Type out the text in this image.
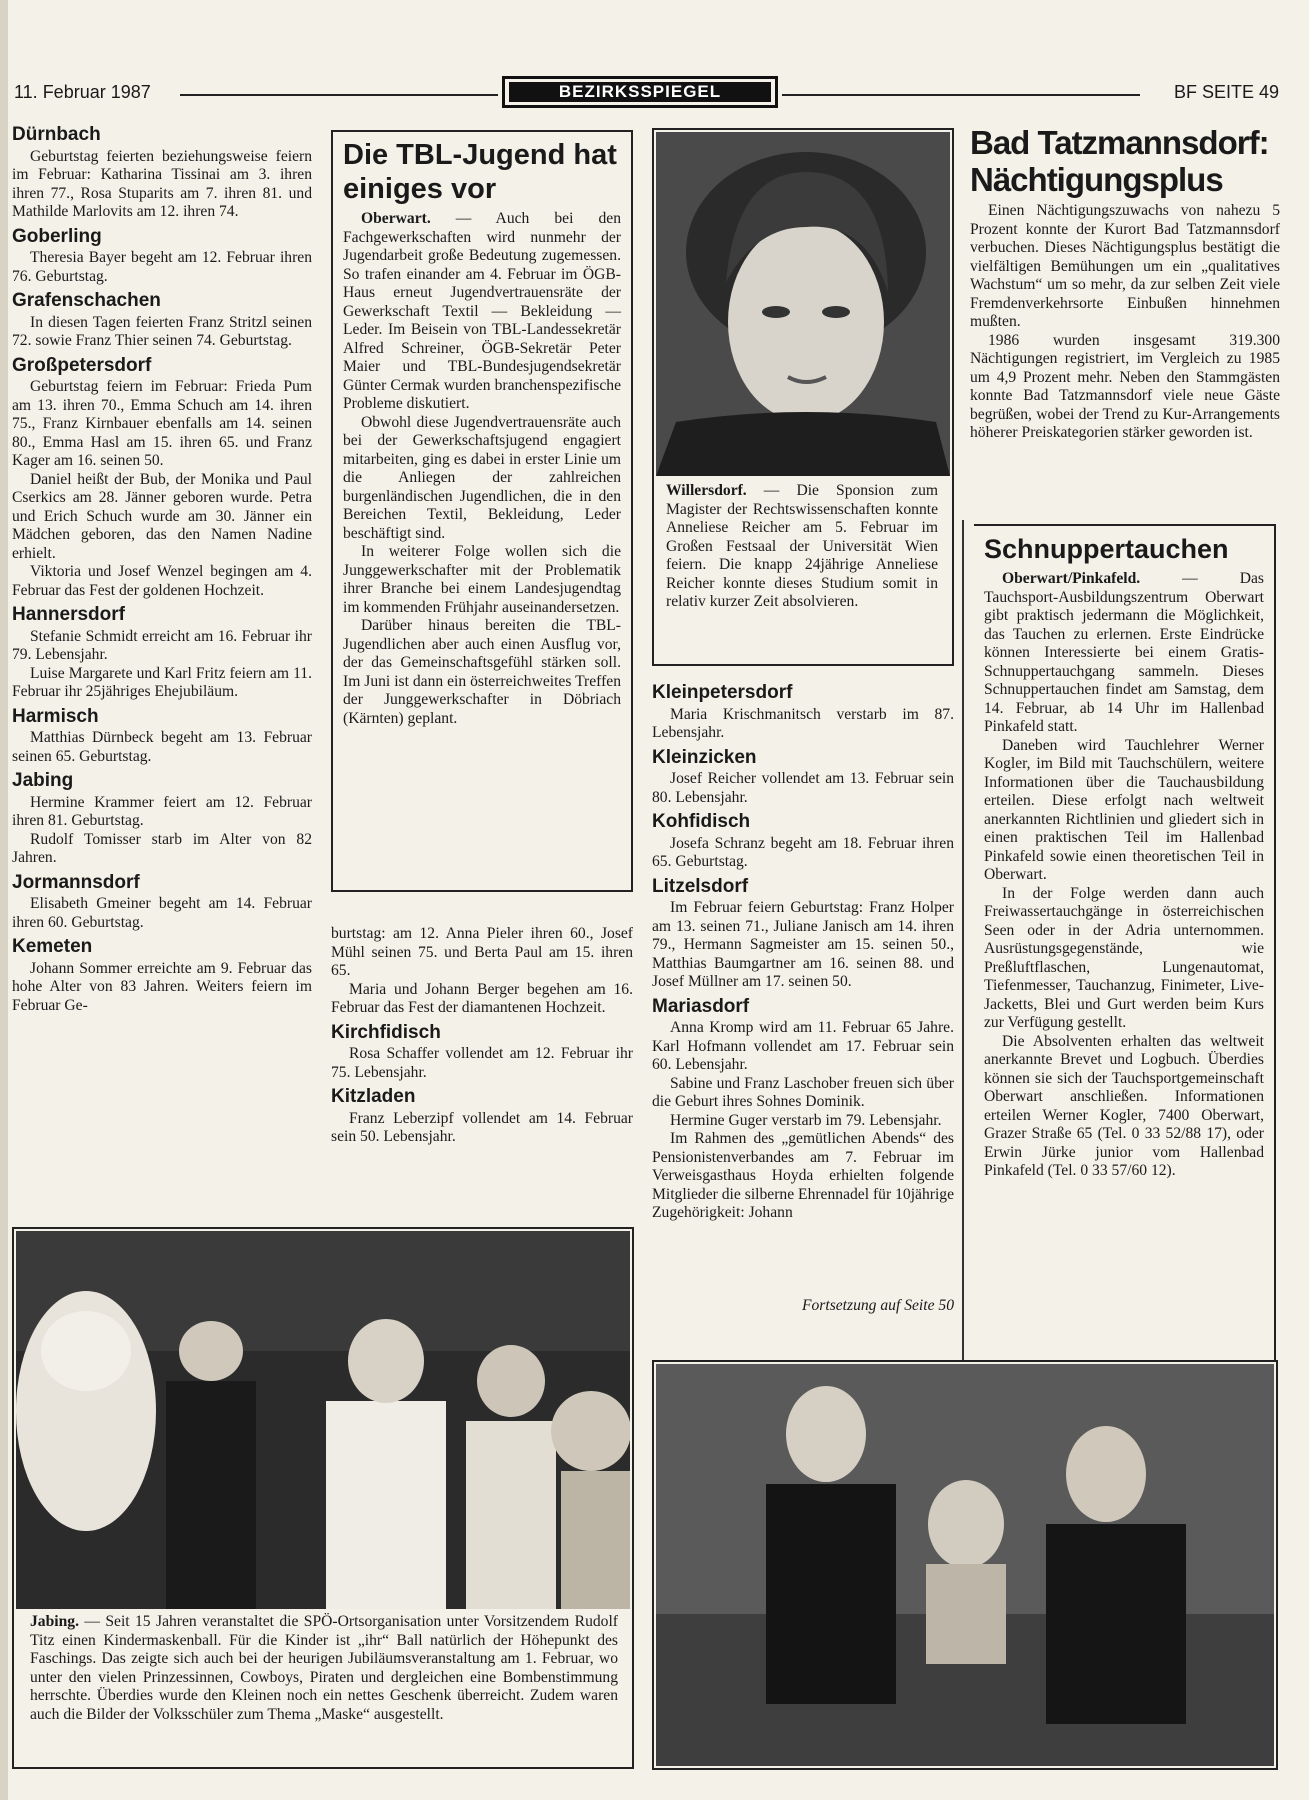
11. Februar 1987	BEZIRKSSPIEGEL	BF SEITE 49
Dürnbach

Geburtstag feierten beziehungsweise feiern im Februar: Katharina Tissinai am 3. ihren ihren 77., Rosa Stuparits am 7. ihren 81. und Mathilde Marlovits am 12. ihren 74.

Goberling

Theresia Bayer begeht am 12. Februar ihren 76. Geburtstag.

Grafenschachen

In diesen Tagen feierten Franz Stritzl seinen 72. sowie Franz Thier seinen 74. Geburtstag.

Großpetersdorf

Geburtstag feiern im Februar: Frieda Pum am 13. ihren 70., Emma Schuch am 14. ihren 75., Franz Kirnbauer ebenfalls am 14. seinen 80., Emma Hasl am 15. ihren 65. und Franz Kager am 16. seinen 50.

Daniel heißt der Bub, der Monika und Paul Cserkics am 28. Jänner geboren wurde. Petra und Erich Schuch wurde am 30. Jänner ein Mädchen geboren, das den Namen Nadine erhielt.

Viktoria und Josef Wenzel begingen am 4. Februar das Fest der goldenen Hochzeit.

Hannersdorf

Stefanie Schmidt erreicht am 16. Februar ihr 79. Lebensjahr.

Luise Margarete und Karl Fritz feiern am 11. Februar ihr 25jähriges Ehejubiläum.

Harmisch

Matthias Dürnbeck begeht am 13. Februar seinen 65. Geburtstag.

Jabing

Hermine Krammer feiert am 12. Februar ihren 81. Geburtstag.

Rudolf Tomisser starb im Alter von 82 Jahren.

Jormannsdorf

Elisabeth Gmeiner begeht am 14. Februar ihren 60. Geburtstag.

Kemeten

Johann Sommer erreichte am 9. Februar das hohe Alter von 83 Jahren. Weiters feiern im Februar Ge-

Die TBL-Jugend hat einiges vor

Oberwart. — Auch bei den Fachgewerkschaften wird nunmehr der Jugendarbeit große Bedeutung zugemessen. So trafen einander am 4. Februar im ÖGB-Haus erneut Jugendvertrauensräte der Gewerkschaft Textil — Bekleidung — Leder. Im Beisein von TBL-Landessekretär Alfred Schreiner, ÖGB-Sekretär Peter Maier und TBL-Bundesjugendsekretär Günter Cermak wurden branchenspezifische Probleme diskutiert.

Obwohl diese Jugendvertrauensräte auch bei der Gewerkschaftsjugend engagiert mitarbeiten, ging es dabei in erster Linie um die Anliegen der zahlreichen burgenländischen Jugendlichen, die in den Bereichen Textil, Bekleidung, Leder beschäftigt sind.

In weiterer Folge wollen sich die Junggewerkschafter mit der Problematik ihrer Branche bei einem Landesjugendtag im kommenden Frühjahr auseinandersetzen.

Darüber hinaus bereiten die TBL-Jugendlichen aber auch einen Ausflug vor, der das Gemeinschaftsgefühl stärken soll. Im Juni ist dann ein österreichweites Treffen der Junggewerkschafter in Döbriach (Kärnten) geplant.

burtstag: am 12. Anna Pieler ihren 60., Josef Mühl seinen 75. und Berta Paul am 15. ihren 65.

Maria und Johann Berger begehen am 16. Februar das Fest der diamantenen Hochzeit.

Kirchfidisch

Rosa Schaffer vollendet am 12. Februar ihr 75. Lebensjahr.

Kitzladen

Franz Leberzipf vollendet am 14. Februar sein 50. Lebensjahr.

Willersdorf. — Die Sponsion zum Magister der Rechtswissenschaften konnte Anneliese Reicher am 5. Februar im Großen Festsaal der Universität Wien feiern. Die knapp 24jährige Anneliese Reicher konnte dieses Studium somit in relativ kurzer Zeit absolvieren.
Kleinpetersdorf

Maria Krischmanitsch verstarb im 87. Lebensjahr.

Kleinzicken

Josef Reicher vollendet am 13. Februar sein 80. Lebensjahr.

Kohfidisch

Josefa Schranz begeht am 18. Februar ihren 65. Geburtstag.

Litzelsdorf

Im Februar feiern Geburtstag: Franz Holper am 13. seinen 71., Juliane Janisch am 14. ihren 79., Hermann Sagmeister am 15. seinen 50., Matthias Baumgartner am 16. seinen 88. und Josef Müllner am 17. seinen 50.

Mariasdorf

Anna Kromp wird am 11. Februar 65 Jahre. Karl Hofmann vollendet am 17. Februar sein 60. Lebensjahr.

Sabine und Franz Laschober freuen sich über die Geburt ihres Sohnes Dominik.

Hermine Guger verstarb im 79. Lebensjahr.

Im Rahmen des „gemütlichen Abends“ des Pensionistenverbandes am 7. Februar im Verweisgasthaus Hoyda erhielten folgende Mitglieder die silberne Ehrennadel für 10jährige Zugehörigkeit: Johann

Fortsetzung auf Seite 50
Bad Tatzmannsdorf: Nächtigungsplus

Einen Nächtigungszuwachs von nahezu 5 Prozent konnte der Kurort Bad Tatzmannsdorf verbuchen. Dieses Nächtigungsplus bestätigt die vielfältigen Bemühungen um ein „qualitatives Wachstum“ um so mehr, da zur selben Zeit viele Fremdenverkehrsorte Einbußen hinnehmen mußten.

1986 wurden insgesamt 319.300 Nächtigungen registriert, im Vergleich zu 1985 um 4,9 Prozent mehr. Neben den Stammgästen konnte Bad Tatzmannsdorf viele neue Gäste begrüßen, wobei der Trend zu Kur-Arrangements höherer Preiskategorien stärker geworden ist.

Schnuppertauchen

Oberwart/Pinkafeld. — Das Tauchsport-Ausbildungszentrum Oberwart gibt praktisch jedermann die Möglichkeit, das Tauchen zu erlernen. Erste Eindrücke können Interessierte bei einem Gratis-Schnuppertauchgang sammeln. Dieses Schnuppertauchen findet am Samstag, dem 14. Februar, ab 14 Uhr im Hallenbad Pinkafeld statt.

Daneben wird Tauchlehrer Werner Kogler, im Bild mit Tauchschülern, weitere Informationen über die Tauchausbildung erteilen. Diese erfolgt nach weltweit anerkannten Richtlinien und gliedert sich in einen praktischen Teil im Hallenbad Pinkafeld sowie einen theoretischen Teil in Oberwart.

In der Folge werden dann auch Freiwassertauchgänge in österreichischen Seen oder in der Adria unternommen. Ausrüstungsgegenstände, wie Preßluftflaschen, Lungenautomat, Tiefenmesser, Tauchanzug, Finimeter, Live-Jacketts, Blei und Gurt werden beim Kurs zur Verfügung gestellt.

Die Absolventen erhalten das weltweit anerkannte Brevet und Logbuch. Überdies können sie sich der Tauchsportgemeinschaft Oberwart anschließen. Informationen erteilen Werner Kogler, 7400 Oberwart, Grazer Straße 65 (Tel. 0 33 52/88 17), oder Erwin Jürke junior vom Hallenbad Pinkafeld (Tel. 0 33 57/60 12).

Jabing. — Seit 15 Jahren veranstaltet die SPÖ-Ortsorganisation unter Vorsitzendem Rudolf Titz einen Kindermaskenball. Für die Kinder ist „ihr“ Ball natürlich der Höhepunkt des Faschings. Das zeigte sich auch bei der heurigen Jubiläumsveranstaltung am 1. Februar, wo unter den vielen Prinzessinnen, Cowboys, Piraten und dergleichen eine Bombenstimmung herrschte. Überdies wurde den Kleinen noch ein nettes Geschenk überreicht. Zudem waren auch die Bilder der Volksschüler zum Thema „Maske“ ausgestellt.
